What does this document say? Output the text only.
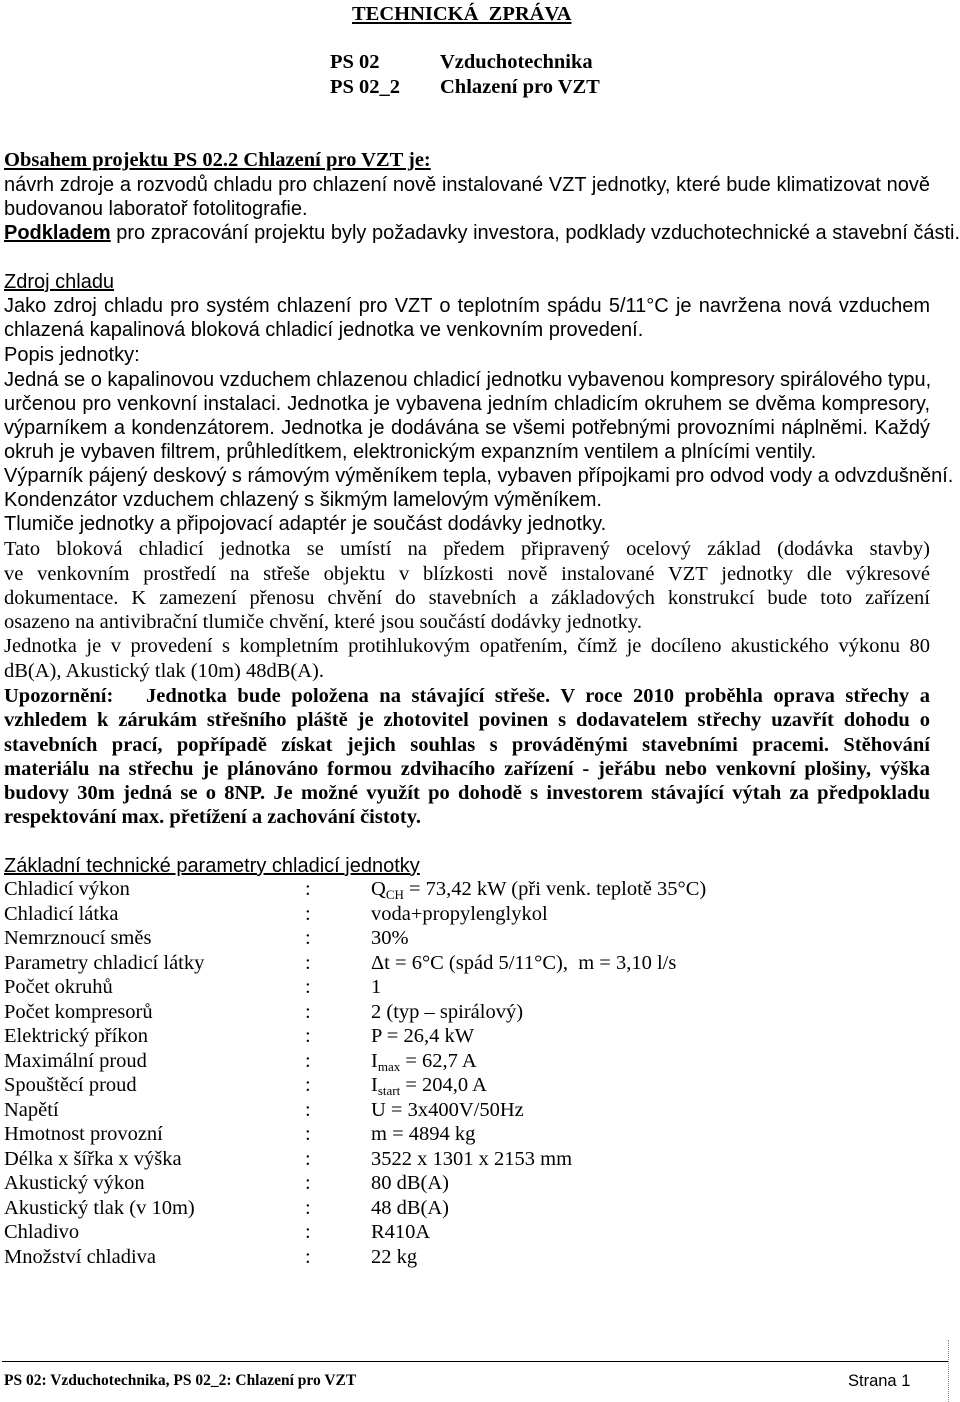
TECHNICKÁ  ZPRÁVA
PS 02	Vzduchotechnika
PS 02_2 Chlazení pro VZT
Obsahem projektu PS 02.2 Chlazení pro VZT je:
návrh zdroje a rozvodů chladu pro chlazení nově instalované VZT jednotky, které bude klimatizovat nově
budovanou laboratoř fotolitografie.
Podkladem pro zpracování projektu byly požadavky investora, podklady vzduchotechnické a stavební části.
Zdroj chladu
Jako zdroj chladu pro systém chlazení pro VZT o teplotním spádu 5/11°C je navržena nová vzduchem
chlazená kapalinová bloková chladicí jednotka ve venkovním provedení.
Popis jednotky:
Jedná se o kapalinovou vzduchem chlazenou chladicí jednotku vybavenou kompresory spirálového typu,
určenou pro venkovní instalaci. Jednotka je vybavena jedním chladicím okruhem se dvěma kompresory,
výparníkem a kondenzátorem. Jednotka je dodávána se všemi potřebnými provozními náplněmi. Každý
okruh je vybaven filtrem, průhledítkem, elektronickým expanzním ventilem a plnícími ventily.
Výparník pájený deskový s rámovým výměníkem tepla, vybaven přípojkami pro odvod vody a odvzdušnění.
Kondenzátor vzduchem chlazený s šikmým lamelovým výměníkem.
Tlumiče jednotky a připojovací adaptér je součást dodávky jednotky.
Tato bloková chladicí jednotka se umístí na předem připravený ocelový základ (dodávka stavby)
ve venkovním prostředí na střeše objektu v blízkosti nově instalované VZT jednotky dle výkresové
dokumentace. K zamezení přenosu chvění do stavebních a základových konstrukcí bude toto zařízení
osazeno na antivibrační tlumiče chvění, které jsou součástí dodávky jednotky.
Jednotka je v provedení s kompletním protihlukovým opatřením, čímž je docíleno akustického výkonu 80
dB(A), Akustický tlak (10m) 48dB(A).
Upozornění:	Jednotka bude položena na stávající střeše. V roce 2010 proběhla oprava střechy a
vzhledem k zárukám střešního pláště je zhotovitel povinen s dodavatelem střechy uzavřít dohodu o
stavebních prací, popřípadě získat jejich souhlas s prováděnými stavebními pracemi. Stěhování
materiálu na střechu je plánováno formou zdvihacího zařízení - jeřábu nebo venkovní plošiny, výška
budovy 30m jedná se o 8NP. Je možné využít po dohodě s investorem stávající výtah za předpokladu
respektování max. přetížení a zachování čistoty.
Základní technické parametry chladicí jednotky
Chladicí výkon	:	QCH = 73,42 kW (při venk. teplotě 35°C)
Chladicí látka	:	voda+propylenglykol
Nemrznoucí směs	:	30%
Parametry chladicí látky	:	Δt = 6°C (spád 5/11°C),  m = 3,10 l/s
Počet okruhů	:	1
Počet kompresorů	:	2 (typ – spirálový)
Elektrický příkon	:	P = 26,4 kW
Maximální proud	:	Imax = 62,7 A
Spouštěcí proud	:	Istart = 204,0 A
Napětí	:	U = 3x400V/50Hz
Hmotnost provozní	:	m = 4894 kg
Délka x šířka x výška	:	3522 x 1301 x 2153 mm
Akustický výkon	:	80 dB(A)
Akustický tlak (v 10m)	:	48 dB(A)
Chladivo	:	R410A
Množství chladiva	:	22 kg
PS 02: Vzduchotechnika, PS 02_2: Chlazení pro VZT	Strana 1
